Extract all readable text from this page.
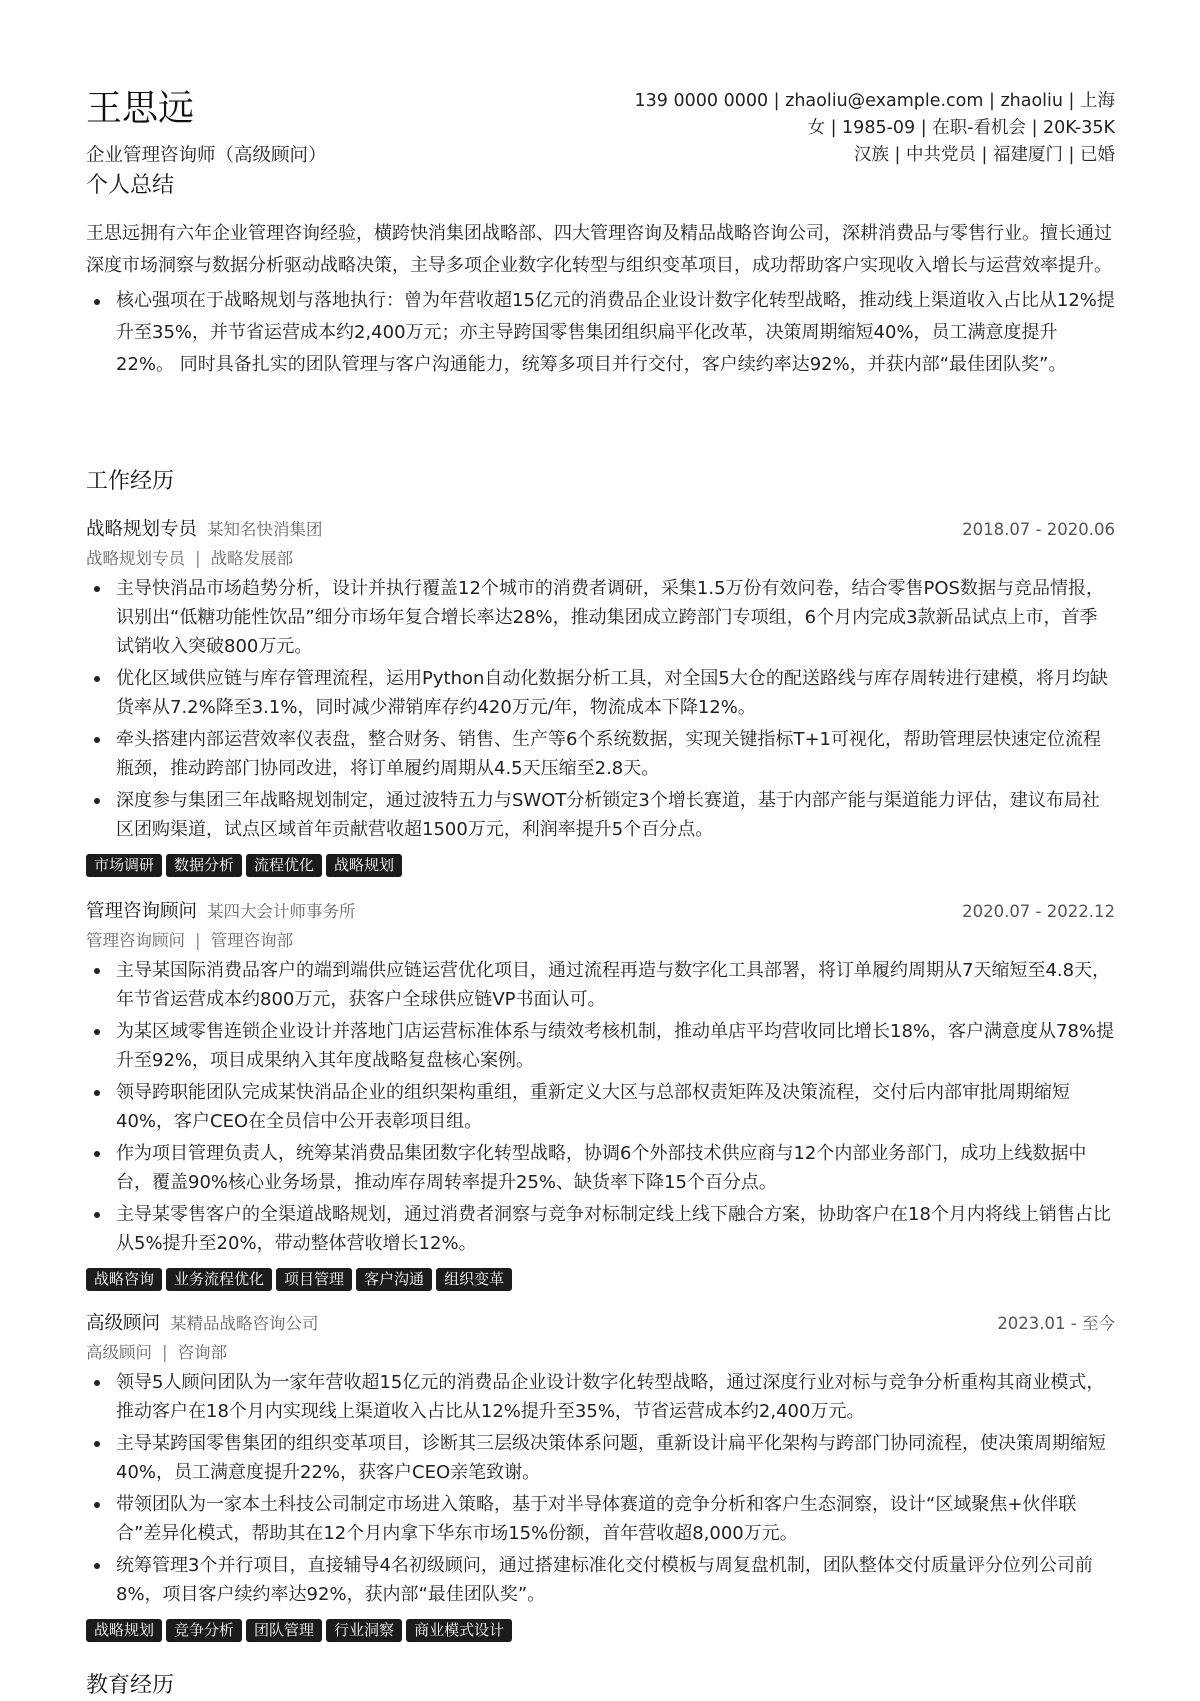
王思远
企业管理咨询师（高级顾问）
139 0000 0000 | zhaoliu@example.com | zhaoliu | 上海
女 | 1985-09 | 在职-看机会 | 20K-35K
汉族 | 中共党员 | 福建厦门 | 已婚
个人总结

王思远拥有六年企业管理咨询经验，横跨快消集团战略部、四大管理咨询及精品战略咨询公司，深耕消费品与零售行业。擅长通过深度市场洞察与数据分析驱动战略决策，主导多项企业数字化转型与组织变革项目，成功帮助客户实现收入增长与运营效率提升。

核心强项在于战略规划与落地执行：曾为年营收超15亿元的消费品企业设计数字化转型战略，推动线上渠道收入占比从12%提升至35%，并节省运营成本约2,400万元；亦主导跨国零售集团组织扁平化改革，决策周期缩短40%，员工满意度提升22%。 同时具备扎实的团队管理与客户沟通能力，统筹多项目并行交付，客户续约率达92%，并获内部“最佳团队奖”。
工作经历
战略规划专员 某知名快消集团	2018.07 - 2020.06
战略规划专员 | 战略发展部
主导快消品市场趋势分析，设计并执行覆盖12个城市的消费者调研，采集1.5万份有效问卷，结合零售POS数据与竞品情报，识别出“低糖功能性饮品”细分市场年复合增长率达28%，推动集团成立跨部门专项组，6个月内完成3款新品试点上市，首季试销收入突破800万元。
优化区域供应链与库存管理流程，运用Python自动化数据分析工具，对全国5大仓的配送路线与库存周转进行建模，将月均缺货率从7.2%降至3.1%，同时减少滞销库存约420万元/年，物流成本下降12%。
牵头搭建内部运营效率仪表盘，整合财务、销售、生产等6个系统数据，实现关键指标T+1可视化，帮助管理层快速定位流程瓶颈，推动跨部门协同改进，将订单履约周期从4.5天压缩至2.8天。
深度参与集团三年战略规划制定，通过波特五力与SWOT分析锁定3个增长赛道，基于内部产能与渠道能力评估，建议布局社区团购渠道，试点区域首年贡献营收超1500万元，利润率提升5个百分点。
市场调研 数据分析 流程优化 战略规划
管理咨询顾问 某四大会计师事务所	2020.07 - 2022.12
管理咨询顾问 | 管理咨询部
主导某国际消费品客户的端到端供应链运营优化项目，通过流程再造与数字化工具部署，将订单履约周期从7天缩短至4.8天，年节省运营成本约800万元，获客户全球供应链VP书面认可。
为某区域零售连锁企业设计并落地门店运营标准体系与绩效考核机制，推动单店平均营收同比增长18%，客户满意度从78%提升至92%，项目成果纳入其年度战略复盘核心案例。
领导跨职能团队完成某快消品企业的组织架构重组，重新定义大区与总部权责矩阵及决策流程，交付后内部审批周期缩短40%，客户CEO在全员信中公开表彰项目组。
作为项目管理负责人，统筹某消费品集团数字化转型战略，协调6个外部技术供应商与12个内部业务部门，成功上线数据中台，覆盖90%核心业务场景，推动库存周转率提升25%、缺货率下降15个百分点。
主导某零售客户的全渠道战略规划，通过消费者洞察与竞争对标制定线上线下融合方案，协助客户在18个月内将线上销售占比从5%提升至20%，带动整体营收增长12%。
战略咨询 业务流程优化 项目管理 客户沟通 组织变革
高级顾问 某精品战略咨询公司	2023.01 - 至今
高级顾问 | 咨询部
领导5人顾问团队为一家年营收超15亿元的消费品企业设计数字化转型战略，通过深度行业对标与竞争分析重构其商业模式，推动客户在18个月内实现线上渠道收入占比从12%提升至35%，节省运营成本约2,400万元。
主导某跨国零售集团的组织变革项目，诊断其三层级决策体系问题，重新设计扁平化架构与跨部门协同流程，使决策周期缩短40%，员工满意度提升22%，获客户CEO亲笔致谢。
带领团队为一家本土科技公司制定市场进入策略，基于对半导体赛道的竞争分析和客户生态洞察，设计“区域聚焦+伙伴联合”差异化模式，帮助其在12个月内拿下华东市场15%份额，首年营收超8,000万元。
统筹管理3个并行项目，直接辅导4名初级顾问，通过搭建标准化交付模板与周复盘机制，团队整体交付质量评分位列公司前8%，项目客户续约率达92%，获内部“最佳团队奖”。
战略规划 竞争分析 团队管理 行业洞察 商业模式设计
教育经历
